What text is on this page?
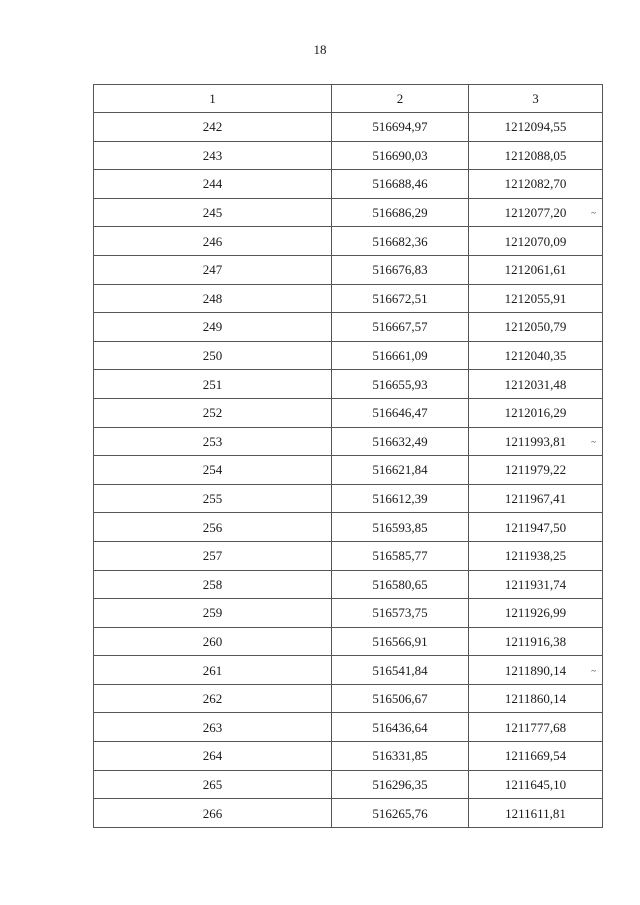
18
1	2	3
242	516694,97	1212094,55

243	516690,03	1212088,05

244	516688,46	1212082,70

245	516686,29	1212077,20 ~

246	516682,36	1212070,09

247	516676,83	1212061,61

248	516672,51	1212055,91

249	516667,57	1212050,79

250	516661,09	1212040,35

251	516655,93	1212031,48

252	516646,47	1212016,29

253	516632,49	1211993,81 ~

254	516621,84	1211979,22

255	516612,39	1211967,41

256	516593,85	1211947,50

257	516585,77	1211938,25

258	516580,65	1211931,74

259	516573,75	1211926,99

260	516566,91	1211916,38

261	516541,84	1211890,14 ~

262	516506,67	1211860,14

263	516436,64	1211777,68

264	516331,85	1211669,54

265	516296,35	1211645,10

266	516265,76	1211611,81
